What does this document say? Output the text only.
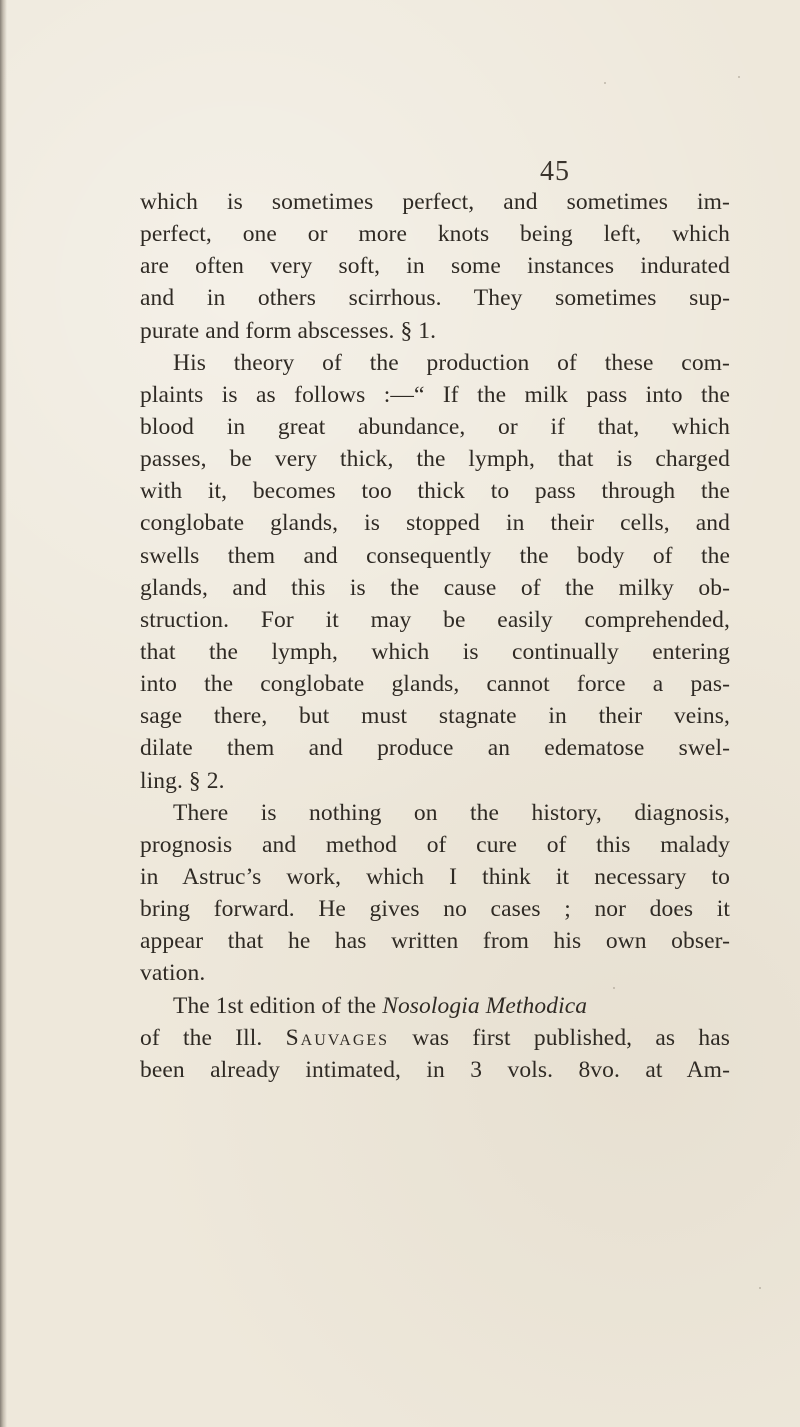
45
which is sometimes perfect, and sometimes im-
perfect, one or more knots being left, which
are often very soft, in some instances indurated
and in others scirrhous. They sometimes sup-
purate and form abscesses. § 1.
His theory of the production of these com-
plaints is as follows :—“ If the milk pass into the
blood in great abundance, or if that, which
passes, be very thick, the lymph, that is charged
with it, becomes too thick to pass through the
conglobate glands, is stopped in their cells, and
swells them and consequently the body of the
glands, and this is the cause of the milky ob-
struction. For it may be easily comprehended,
that the lymph, which is continually entering
into the conglobate glands, cannot force a pas-
sage there, but must stagnate in their veins,
dilate them and produce an edematose swel-
ling. § 2.
There is nothing on the history, diagnosis,
prognosis and method of cure of this malady
in Astruc’s work, which I think it necessary to
bring forward. He gives no cases ; nor does it
appear that he has written from his own obser-
vation.
The 1st edition of the Nosologia Methodica
of the Ill. Sauvages was first published, as has
been already intimated, in 3 vols. 8vo. at Am-
